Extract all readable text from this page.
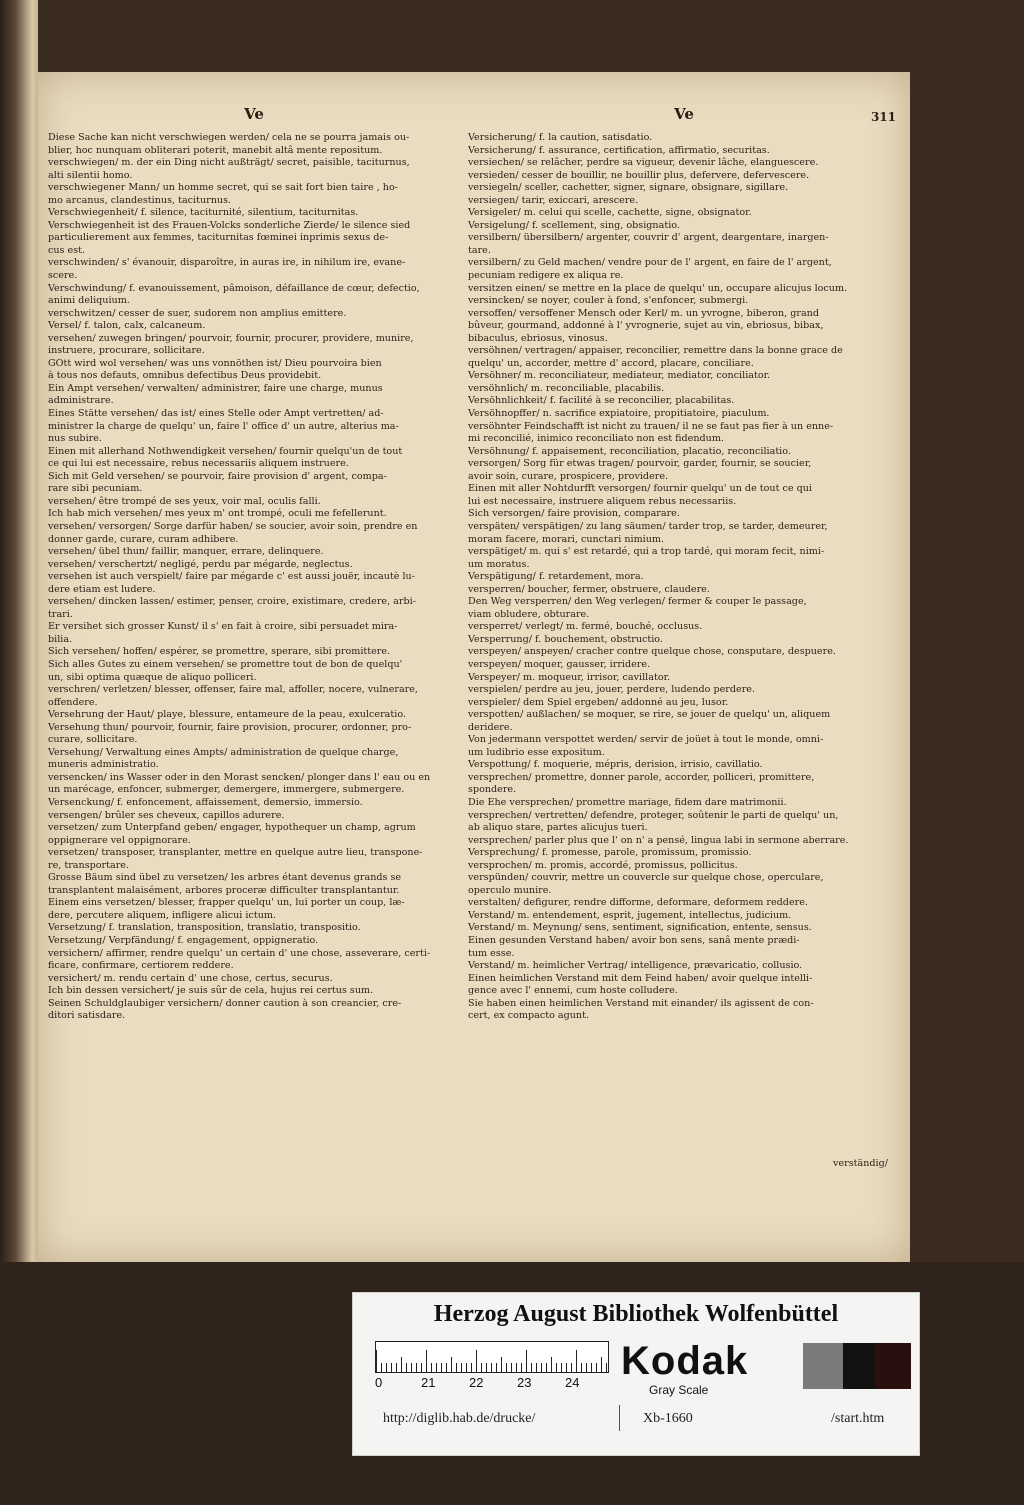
311
Ve
Diese Sache kan nicht verschwiegen werden/ cela ne se pourra jamais ou-
blier, hoc nunquam obliterari poterit, manebit altâ mente repositum.
verschwiegen/ m. der ein Ding nicht außträgt/ secret, paisible, taciturnus,
alti silentii homo.
verschwiegener Mann/ un homme secret, qui se sait fort bien taire , ho-
mo arcanus, clandestinus, taciturnus.
Verschwiegenheit/ f. silence, taciturnité, silentium, taciturnitas.
Verschwiegenheit ist des Frauen-Volcks sonderliche Zierde/ le silence sied
particulierement aux femmes, taciturnitas fœminei inprimis sexus de-
cus est.
verschwinden/ s' évanouir, disparoître, in auras ire, in nihilum ire, evane-
scere.
Verschwindung/ f. evanouissement, pâmoison, défaillance de cœur, defectio,
animi deliquium.
verschwitzen/ cesser de suer, sudorem non amplius emittere.
Versel/ f. talon, calx, calcaneum.
versehen/ zuwegen bringen/ pourvoir, fournir, procurer, providere, munire,
instruere, procurare, sollicitare.
GOtt wird wol versehen/ was uns vonnöthen ist/ Dieu pourvoira bien
à tous nos defauts, omnibus defectibus Deus providebit.
Ein Ampt versehen/ verwalten/ administrer, faire une charge, munus
administrare.
Eines Stätte versehen/ das ist/ eines Stelle oder Ampt vertretten/ ad-
ministrer la charge de quelqu' un, faire l' office d' un autre, alterius ma-
nus subire.
Einen mit allerhand Nothwendigkeit versehen/ fournir quelqu'un de tout
ce qui lui est necessaire, rebus necessariis aliquem instruere.
Sich mit Geld versehen/ se pourvoir, faire provision d' argent, compa-
rare sibi pecuniam.
versehen/ être trompé de ses yeux, voir mal, oculis falli.
Ich hab mich versehen/ mes yeux m' ont trompé, oculi me fefellerunt.
versehen/ versorgen/ Sorge darfür haben/ se soucier, avoir soin, prendre en
donner garde, curare, curam adhibere.
versehen/ übel thun/ faillir, manquer, errare, delinquere.
versehen/ verschertzt/ negligé, perdu par mégarde, neglectus.
versehen ist auch verspielt/ faire par mégarde c' est aussi jouër, incautè lu-
dere etiam est ludere.
versehen/ dincken lassen/ estimer, penser, croire, existimare, credere, arbi-
trari.
Er versihet sich grosser Kunst/ il s' en fait à croire, sibi persuadet mira-
bilia.
Sich versehen/ hoffen/ espérer, se promettre, sperare, sibi promittere.
Sich alles Gutes zu einem versehen/ se promettre tout de bon de quelqu'
un, sibi optima quæque de aliquo polliceri.
verschren/ verletzen/ blesser, offenser, faire mal, affoller, nocere, vulnerare,
offendere.
Versehrung der Haut/ playe, blessure, entameure de la peau, exulceratio.
Versehung thun/ pourvoir, fournir, faire provision, procurer, ordonner, pro-
curare, sollicitare.
Versehung/ Verwaltung eines Ampts/ administration de quelque charge,
muneris administratio.
versencken/ ins Wasser oder in den Morast sencken/ plonger dans l' eau ou en
un marécage, enfoncer, submerger, demergere, immergere, submergere.
Versenckung/ f. enfoncement, affaissement, demersio, immersio.
versengen/ brûler ses cheveux, capillos adurere.
versetzen/ zum Unterpfand geben/ engager, hypothequer un champ, agrum
oppignerare vel oppignorare.
versetzen/ transposer, transplanter, mettre en quelque autre lieu, transpone-
re, transportare.
Grosse Bäum sind übel zu versetzen/ les arbres étant devenus grands se
transplantent malaisément, arbores proceræ difficulter transplantantur.
Einem eins versetzen/ blesser, frapper quelqu' un, lui porter un coup, læ-
dere, percutere aliquem, infligere alicui ictum.
Versetzung/ f. translation, transposition, translatio, transpositio.
Versetzung/ Verpfändung/ f. engagement, oppigneratio.
versichern/ affirmer, rendre quelqu' un certain d' une chose, asseverare, certi-
ficare, confirmare, certiorem reddere.
versichert/ m. rendu certain d' une chose, certus, securus.
Ich bin dessen versichert/ je suis sûr de cela, hujus rei certus sum.
Seinen Schuldglaubiger versichern/ donner caution à son creancier, cre-
ditori satisdare.
Ve
Versicherung/ f. la caution, satisdatio.
Versicherung/ f. assurance, certification, affirmatio, securitas.
versiechen/ se relâcher, perdre sa vigueur, devenir lâche, elanguescere.
versieden/ cesser de bouillir, ne bouillir plus, defervere, defervescere.
versiegeln/ sceller, cachetter, signer, signare, obsignare, sigillare.
versiegen/ tarir, exiccari, arescere.
Versigeler/ m. celui qui scelle, cachette, signe, obsignator.
Versigelung/ f. scellement, sing, obsignatio.
versilbern/ übersilbern/ argenter, couvrir d' argent, deargentare, inargen-
tare.
versilbern/ zu Geld machen/ vendre pour de l' argent, en faire de l' argent,
pecuniam redigere ex aliqua re.
versitzen einen/ se mettre en la place de quelqu' un, occupare alicujus locum.
versincken/ se noyer, couler à fond, s'enfoncer, submergi.
versoffen/ versoffener Mensch oder Kerl/ m. un yvrogne, biberon, grand
bûveur, gourmand, addonné à l' yvrognerie, sujet au vin, ebriosus, bibax,
bibaculus, ebriosus, vinosus.
versöhnen/ vertragen/ appaiser, reconcilier, remettre dans la bonne grace de
quelqu' un, accorder, mettre d' accord, placare, conciliare.
Versöhner/ m. reconciliateur, mediateur, mediator, conciliator.
versöhnlich/ m. reconciliable, placabilis.
Versöhnlichkeit/ f. facilité à se reconcilier, placabilitas.
Versöhnopffer/ n. sacrifice expiatoire, propitiatoire, piaculum.
versöhnter Feindschafft ist nicht zu trauen/ il ne se faut pas fier à un enne-
mi reconcilié, inimico reconciliato non est fidendum.
Versöhnung/ f. appaisement, reconciliation, placatio, reconciliatio.
versorgen/ Sorg für etwas tragen/ pourvoir, garder, fournir, se soucier,
avoir soin, curare, prospicere, providere.
Einen mit aller Nohtdurfft versorgen/ fournir quelqu' un de tout ce qui
lui est necessaire, instruere aliquem rebus necessariis.
Sich versorgen/ faire provision, comparare.
verspäten/ verspätigen/ zu lang säumen/ tarder trop, se tarder, demeurer,
moram facere, morari, cunctari nimium.
verspätiget/ m. qui s' est retardé, qui a trop tardé, qui moram fecit, nimi-
um moratus.
Verspätigung/ f. retardement, mora.
versperren/ boucher, fermer, obstruere, claudere.
Den Weg versperren/ den Weg verlegen/ fermer & couper le passage,
viam obludere, obturare.
versperret/ verlegt/ m. fermé, bouché, occlusus.
Versperrung/ f. bouchement, obstructio.
verspeyen/ anspeyen/ cracher contre quelque chose, consputare, despuere.
verspeyen/ moquer, gausser, irridere.
Verspeyer/ m. moqueur, irrisor, cavillator.
verspielen/ perdre au jeu, jouer, perdere, ludendo perdere.
verspieler/ dem Spiel ergeben/ addonné au jeu, lusor.
verspotten/ außlachen/ se moquer, se rire, se jouer de quelqu' un, aliquem
deridere.
Von jedermann verspottet werden/ servir de joüet à tout le monde, omni-
um ludibrio esse expositum.
Verspottung/ f. moquerie, mépris, derision, irrisio, cavillatio.
versprechen/ promettre, donner parole, accorder, polliceri, promittere,
spondere.
Die Ehe versprechen/ promettre mariage, fidem dare matrimonii.
versprechen/ vertretten/ defendre, proteger, soûtenir le parti de quelqu' un,
ab aliquo stare, partes alicujus tueri.
versprechen/ parler plus que l' on n' a pensé, lingua labi in sermone aberrare.
Versprechung/ f. promesse, parole, promissum, promissio.
versprochen/ m. promis, accordé, promissus, pollicitus.
verspünden/ couvrir, mettre un couvercle sur quelque chose, operculare,
operculo munire.
verstalten/ defigurer, rendre difforme, deformare, deformem reddere.
Verstand/ m. entendement, esprit, jugement, intellectus, judicium.
Verstand/ m. Meynung/ sens, sentiment, signification, entente, sensus.
Einen gesunden Verstand haben/ avoir bon sens, sanâ mente prædi-
tum esse.
Verstand/ m. heimlicher Vertrag/ intelligence, prævaricatio, collusio.
Einen heimlichen Verstand mit dem Feind haben/ avoir quelque intelli-
gence avec l' ennemi, cum hoste colludere.
Sie haben einen heimlichen Verstand mit einander/ ils agissent de con-
cert, ex compacto agunt.
verständig/
Herzog August Bibliothek Wolfenbüttel
0	21	22	23	24 Kodak
Gray Scale
http://diglib.hab.de/drucke/	Xb-1660	/start.htm
